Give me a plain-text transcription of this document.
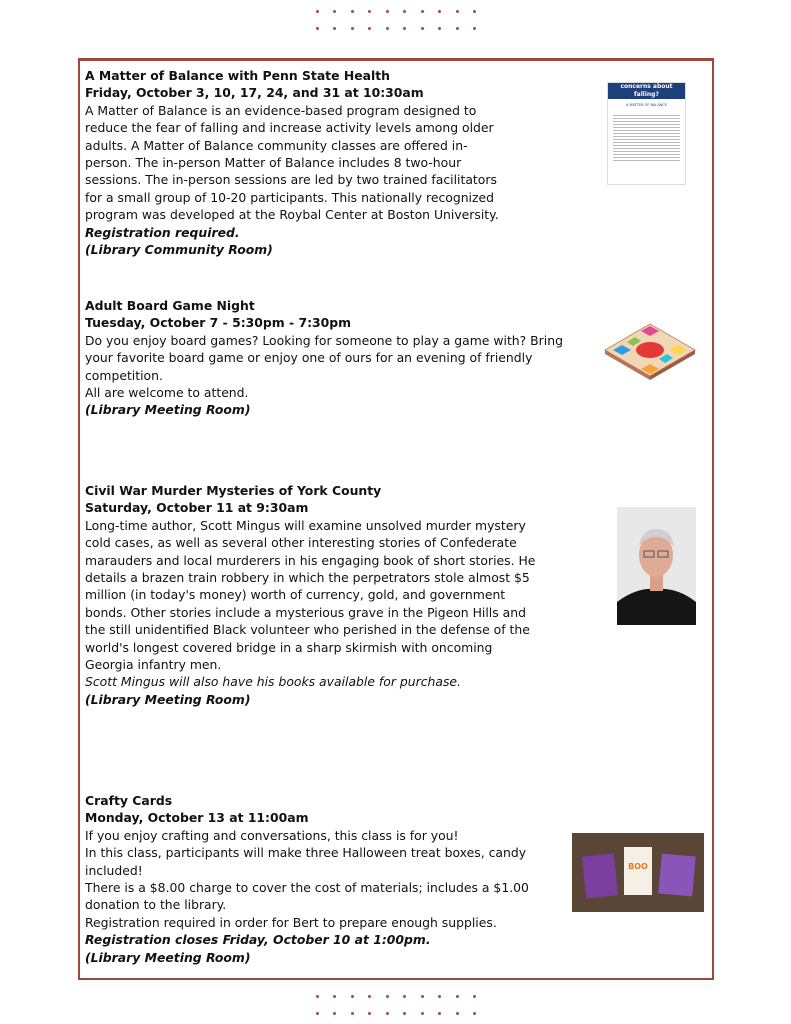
A Matter of Balance with Penn State Health

Friday, October 3, 10, 17, 24, and 31 at 10:30am

A Matter of Balance is an evidence-based program designed to reduce the fear of falling and increase activity levels among older adults. A Matter of Balance community classes are offered in-person. The in-person Matter of Balance includes 8 two-hour sessions. The in-person sessions are led by two trained facilitators for a small group of 10-20 participants. This nationally recognized program was developed at the Roybal Center at Boston University.

Registration required.

(Library Community Room)

concerns about falling?
A MATTER OF BALANCE

Adult Board Game Night

Tuesday, October 7 - 5:30pm - 7:30pm

Do you enjoy board games? Looking for someone to play a game with? Bring your favorite board game or enjoy one of ours for an evening of friendly competition.

All are welcome to attend.

(Library Meeting Room)

Civil War Murder Mysteries of York County

Saturday, October 11 at 9:30am

Long-time author, Scott Mingus will examine unsolved murder mystery cold cases, as well as several other interesting stories of Confederate marauders and local murderers in his engaging book of short stories. He details a brazen train robbery in which the perpetrators stole almost $5 million (in today's money) worth of currency, gold, and government bonds. Other stories include a mysterious grave in the Pigeon Hills and the still unidentified Black volunteer who perished in the defense of the world's longest covered bridge in a sharp skirmish with oncoming Georgia infantry men.

Scott Mingus will also have his books available for purchase.

(Library Meeting Room)

Crafty Cards

Monday, October 13 at 11:00am

If you enjoy crafting and conversations, this class is for you!

In this class, participants will make three Halloween treat boxes, candy included!

There is a $8.00 charge to cover the cost of materials; includes a $1.00 donation to the library.

Registration required in order for Bert to prepare enough supplies.

Registration closes Friday, October 10 at 1:00pm.

(Library Meeting Room)

BOO
